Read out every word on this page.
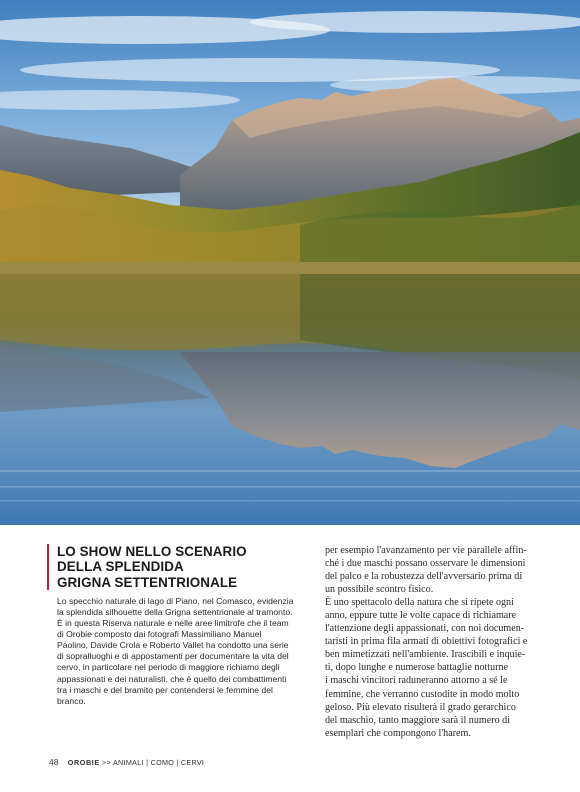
LO SHOW NELLO SCENARIO
DELLA SPLENDIDA
GRIGNA SETTENTRIONALE
Lo specchio naturale di lago di Piano, nel Comasco, evidenzia
la splendida silhouette della Grigna settentrionale al tramonto.
È in questa Riserva naturale e nelle aree limitrofe che il team
di Orobie composto dai fotografi Massimiliano Manuel
Paolino, Davide Crola e Roberto Vallet ha condotto una serie
di sopralluoghi e di appostamenti per documentare la vita del
cervo, in particolare nel periodo di maggiore richiamo degli
appassionati e dei naturalisti, che è quello dei combattimenti
tra i maschi e del bramito per contendersi le femmine del
branco.
per esempio l'avanzamento per vie parallele affin-
ché i due maschi possano osservare le dimensioni
del palco e la robustezza dell'avversario prima di
un possibile scontro fisico.
È uno spettacolo della natura che si ripete ogni
anno, eppure tutte le volte capace di richiamare
l'attenzione degli appassionati, con noi documen-
taristi in prima fila armati di obiettivi fotografici e
ben mimetizzati nell'ambiente. Irascibili e inquie-
ti, dopo lunghe e numerose battaglie notturne
i maschi vincitori raduneranno attorno a sé le
femmine, che verranno custodite in modo molto
geloso. Più elevato risulterà il grado gerarchico
del maschio, tanto maggiore sarà il numero di
esemplari che compongono l'harem.
48 OROBIE >> ANIMALI | COMO | CERVI
